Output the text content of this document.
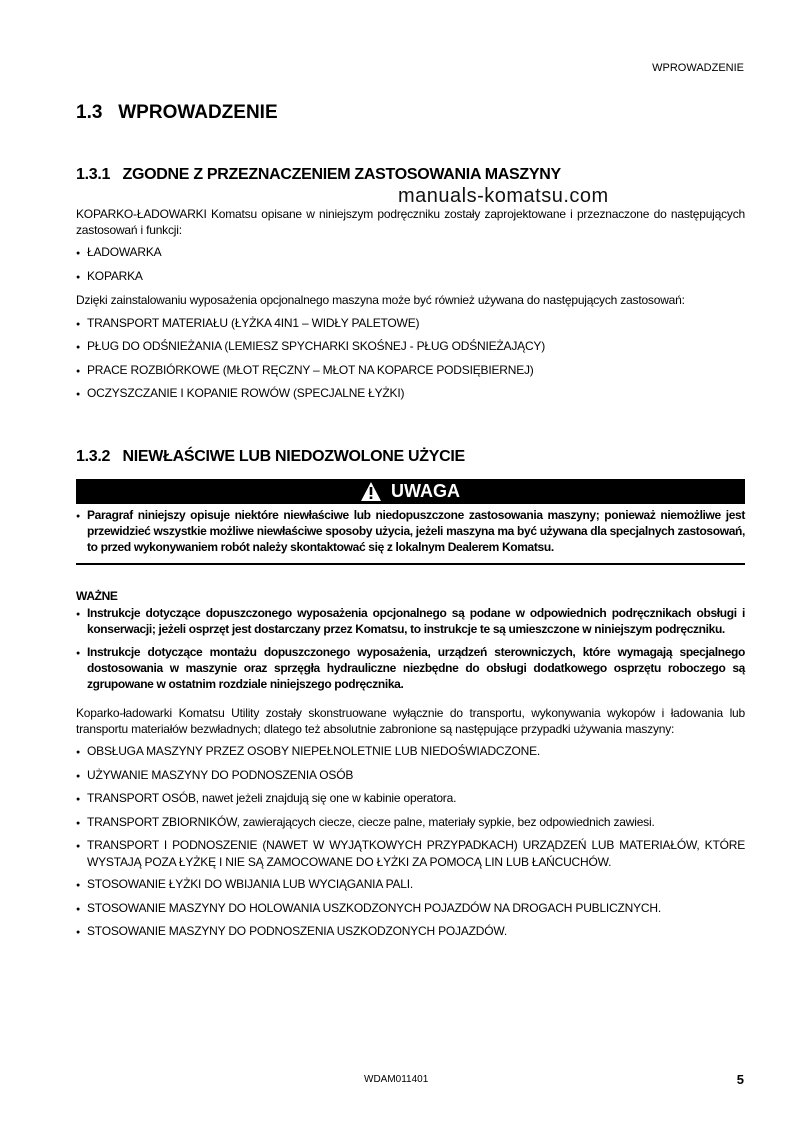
WPROWADZENIE
1.3   WPROWADZENIE
1.3.1   ZGODNE Z PRZEZNACZENIEM ZASTOSOWANIA MASZYNY
manuals-komatsu.com
KOPARKO-ŁADOWARKI Komatsu opisane w niniejszym podręczniku zostały zaprojektowane i przeznaczone do następujących zastosowań i funkcji:
● ŁADOWARKA
● KOPARKA
Dzięki zainstalowaniu wyposażenia opcjonalnego maszyna może być również używana do następujących zastosowań:
● TRANSPORT MATERIAŁU (ŁYŻKA 4IN1 – WIDŁY PALETOWE)
● PŁUG DO ODŚNIEŻANIA (LEMIESZ SPYCHARKI SKOŚNEJ - PŁUG ODŚNIEŻAJĄCY)
● PRACE ROZBIÓRKOWE (MŁOT RĘCZNY – MŁOT NA KOPARCE PODSIĘBIERNEJ)
● OCZYSZCZANIE I KOPANIE ROWÓW (SPECJALNE ŁYŻKI)
1.3.2   NIEWŁAŚCIWE LUB NIEDOZWOLONE UŻYCIE
UWAGA
● Paragraf niniejszy opisuje niektóre niewłaściwe lub niedopuszczone zastosowania maszyny; ponieważ niemożliwe jest przewidzieć wszystkie możliwe niewłaściwe sposoby użycia, jeżeli maszyna ma być używana dla specjalnych zastosowań, to przed wykonywaniem robót należy skontaktować się z lokalnym Dealerem Komatsu.
WAŻNE
● Instrukcje dotyczące dopuszczonego wyposażenia opcjonalnego są podane w odpowiednich podręcznikach obsługi i konserwacji; jeżeli osprzęt jest dostarczany przez Komatsu, to instrukcje te są umieszczone w niniejszym podręczniku.
● Instrukcje dotyczące montażu dopuszczonego wyposażenia, urządzeń sterowniczych, które wymagają specjalnego dostosowania w maszynie oraz sprzęgła hydrauliczne niezbędne do obsługi dodatkowego osprzętu roboczego są zgrupowane w ostatnim rozdziale niniejszego podręcznika.
Koparko-ładowarki Komatsu Utility zostały skonstruowane wyłącznie do transportu, wykonywania wykopów i ładowania lub transportu materiałów bezwładnych; dlatego też absolutnie zabronione są następujące przypadki używania maszyny:
● OBSŁUGA MASZYNY PRZEZ OSOBY NIEPEŁNOLETNIE LUB NIEDOŚWIADCZONE.
● UŻYWANIE MASZYNY DO PODNOSZENIA OSÓB
● TRANSPORT OSÓB, nawet jeżeli znajdują się one w kabinie operatora.
● TRANSPORT ZBIORNIKÓW, zawierających ciecze, ciecze palne, materiały sypkie, bez odpowiednich zawiesi.
● TRANSPORT I PODNOSZENIE (NAWET W WYJĄTKOWYCH PRZYPADKACH) URZĄDZEŃ LUB MATERIAŁÓW, KTÓRE WYSTAJĄ POZA ŁYŻKĘ I NIE SĄ ZAMOCOWANE DO ŁYŻKI ZA POMOCĄ LIN LUB ŁAŃCUCHÓW.
● STOSOWANIE ŁYŻKI DO WBIJANIA LUB WYCIĄGANIA PALI.
● STOSOWANIE MASZYNY DO HOLOWANIA USZKODZONYCH POJAZDÓW NA DROGACH PUBLICZNYCH.
● STOSOWANIE MASZYNY DO PODNOSZENIA USZKODZONYCH POJAZDÓW.
WDAM011401	5
